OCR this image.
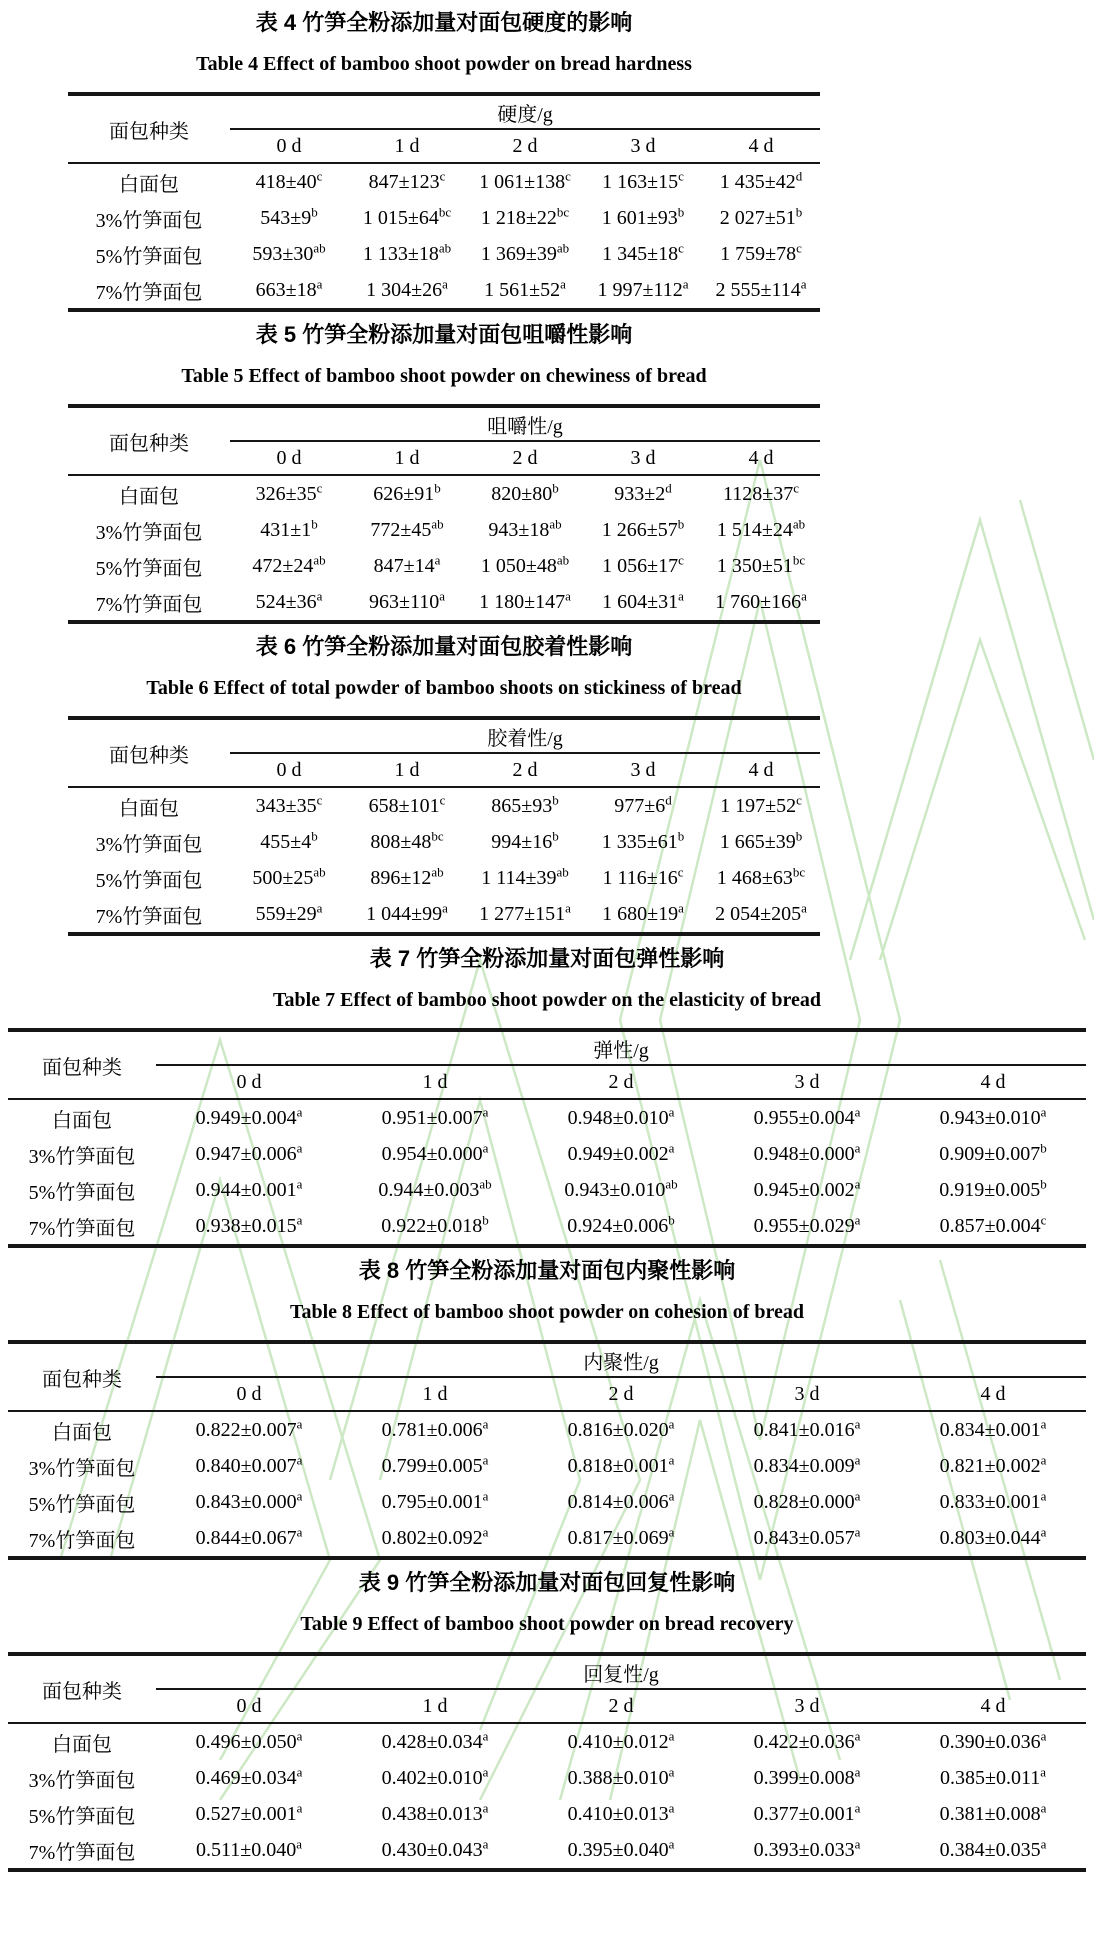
表 4 竹笋全粉添加量对面包硬度的影响
Table 4 Effect of bamboo shoot powder on bread hardness
面包种类	硬度/g				
	0 d	1 d	2 d	3 d	4 d
白面包	$418\pm 40^c$	$847\pm 123^c$	1 $061\pm 138^c$	1 $163\pm 15^c$	1 $435\pm 42^d$
3%竹笋面包	$543\pm 9^b$	1 $015\pm 64^{bc}$	1 $218\pm 22^{bc}$	1 $601\pm 93^b$	2 $027\pm 51^b$
5%竹笋面包	$593\pm 30^{ab}$	1 $133\pm 18^{ab}$	1 $369\pm 39^{ab}$	1 $345\pm 18^c$	1 $759\pm 78^c$
7%竹笋面包	$663\pm 18^a$	1 $304\pm 26^a$	1 $561\pm 52^a$	1 $997\pm 112^a$	2 $555\pm 114^a$
表 5 竹笋全粉添加量对面包咀嚼性影响
Table 5 Effect of bamboo shoot powder on chewiness of bread
面包种类	咀嚼性/g				
	0 d	1 d	2 d	3 d	4 d
白面包	$326\pm 35^c$	$626\pm 91^b$	$820\pm 80^b$	$933\pm 2^d$	$1128\pm 37^c$
3%竹笋面包	$431\pm 1^b$	$772\pm 45^{ab}$	$943\pm 18^{ab}$	1 $266\pm 57^b$	1 $514\pm 24^{ab}$
5%竹笋面包	$472\pm 24^{ab}$	$847\pm 14^a$	1 $050\pm 48^{ab}$	1 $056\pm 17^c$	1 $350\pm 51^{bc}$
7%竹笋面包	$524\pm 36^a$	$963\pm 110^a$	1 $180\pm 147^a$	1 $604\pm 31^a$	1 $760\pm 166^a$
表 6 竹笋全粉添加量对面包胶着性影响
Table 6 Effect of total powder of bamboo shoots on stickiness of bread
面包种类	胶着性/g				
	0 d	1 d	2 d	3 d	4 d
白面包	$343\pm 35^c$	$658\pm 101^c$	$865\pm 93^b$	$977\pm 6^d$	1 $197\pm 52^c$
3%竹笋面包	$455\pm 4^b$	$808\pm 48^{bc}$	$994\pm 16^b$	1 $335\pm 61^b$	1 $665\pm 39^b$
5%竹笋面包	$500\pm 25^{ab}$	$896\pm 12^{ab}$	1 $114\pm 39^{ab}$	1 $116\pm 16^c$	1 $468\pm 63^{bc}$
7%竹笋面包	$559\pm 29^a$	1 $044\pm 99^a$	1 $277\pm 151^a$	1 $680\pm 19^a$	2 $054\pm 205^a$
表 7 竹笋全粉添加量对面包弹性影响
Table 7 Effect of bamboo shoot powder on the elasticity of bread
面包种类	弹性/g				
	0 d	1 d	2 d	3 d	4 d
白面包	0.949±0.004$^a$	0.951±0.007$^a$	0.948±0.010$^a$	0.955±0.004$^a$	0.943±0.010$^a$
3%竹笋面包	0.947±0.006$^a$	0.954±0.000$^a$	0.949±0.002$^a$	0.948±0.000$^a$	0.909±0.007$^b$
5%竹笋面包	0.944±0.001$^a$	0.944±0.003$^{ab}$	0.943±0.010$^{ab}$	0.945±0.002$^a$	0.919±0.005$^b$
7%竹笋面包	0.938±0.015$^a$	0.922±0.018$^b$	0.924±0.006$^b$	0.955±0.029$^a$	0.857±0.004$^c$
表 8 竹笋全粉添加量对面包内聚性影响
Table 8 Effect of bamboo shoot powder on cohesion of bread
面包种类	内聚性/g				
	0 d	1 d	2 d	3 d	4 d
白面包	0.822±0.007$^a$	0.781±0.006$^a$	0.816±0.020$^a$	0.841±0.016$^a$	0.834±0.001$^a$
3%竹笋面包	0.840±0.007$^a$	0.799±0.005$^a$	0.818±0.001$^a$	0.834±0.009$^a$	0.821±0.002$^a$
5%竹笋面包	0.843±0.000$^a$	0.795±0.001$^a$	0.814±0.006$^a$	0.828±0.000$^a$	0.833±0.001$^a$
7%竹笋面包	0.844±0.067$^a$	0.802±0.092$^a$	0.817±0.069$^a$	0.843±0.057$^a$	0.803±0.044$^a$
表 9 竹笋全粉添加量对面包回复性影响
Table 9 Effect of bamboo shoot powder on bread recovery
面包种类	回复性/g				
	0 d	1 d	2 d	3 d	4 d
白面包	0.496±0.050$^a$	0.428±0.034$^a$	0.410±0.012$^a$	0.422±0.036$^a$	0.390±0.036$^a$
3%竹笋面包	0.469±0.034$^a$	0.402±0.010$^a$	0.388±0.010$^a$	0.399±0.008$^a$	0.385±0.011$^a$
5%竹笋面包	0.527±0.001$^a$	0.438±0.013$^a$	0.410±0.013$^a$	0.377±0.001$^a$	0.381±0.008$^a$
7%竹笋面包	0.511±0.040$^a$	0.430±0.043$^a$	0.395±0.040$^a$	0.393±0.033$^a$	0.384±0.035$^a$
